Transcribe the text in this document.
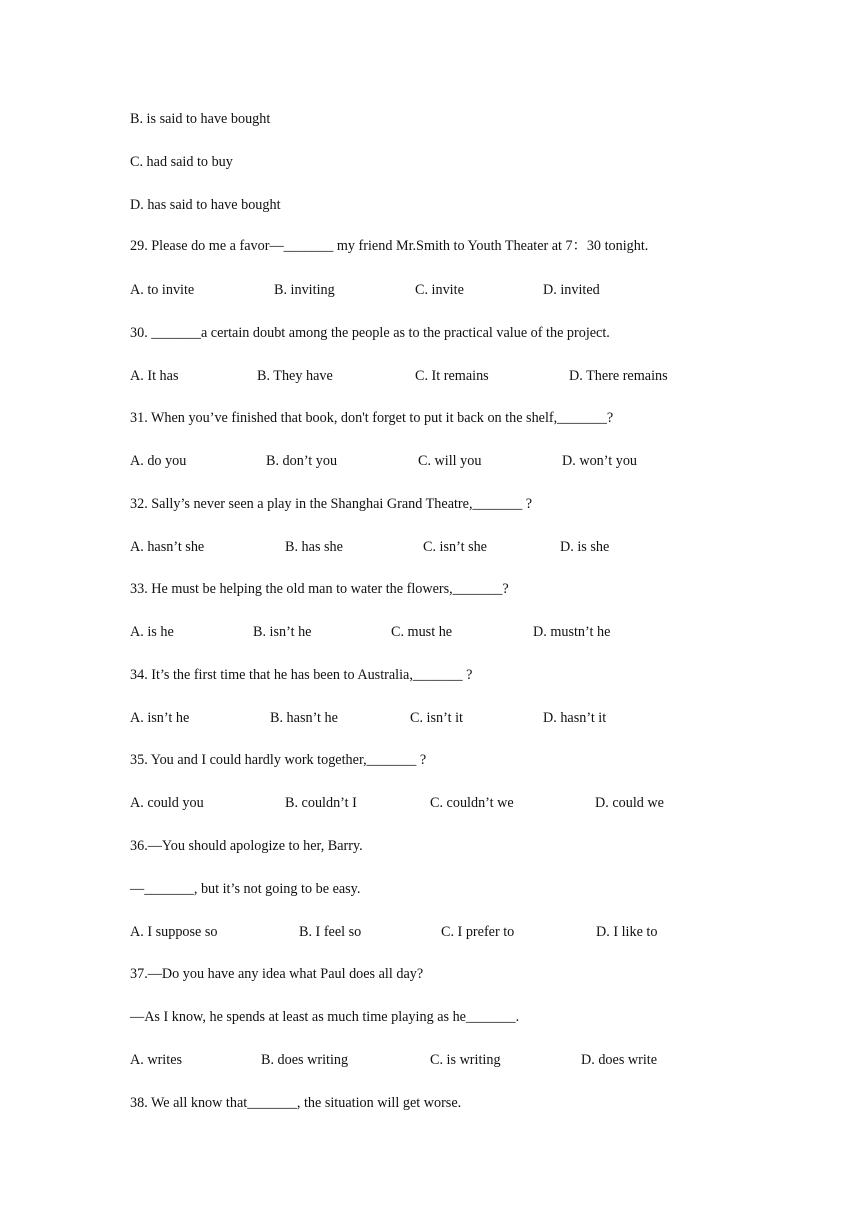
B. is said to have bought
C. had said to buy
D. has said to have bought
29. Please do me a favor—_______ my friend Mr.Smith to Youth Theater at 7：30 tonight.
A. to invite	B. inviting	C. invite	D. invited
30. _______a certain doubt among the people as to the practical value of the project.
A. It has	B. They have	C. It remains	D. There remains
31. When you’ve finished that book, don't forget to put it back on the shelf,_______?
A. do you	B. don’t you	C. will you	D. won’t you
32. Sally’s never seen a play in the Shanghai Grand Theatre,_______ ?
A. hasn’t she	B. has she	C. isn’t she	D. is she
33. He must be helping the old man to water the flowers,_______?
A. is he	B. isn’t he	C. must he	D. mustn’t he
34. It’s the first time that he has been to Australia,_______ ?
A. isn’t he	B. hasn’t he	C. isn’t it	D. hasn’t it
35. You and I could hardly work together,_______ ?
A. could you	B. couldn’t I	C. couldn’t we	D. could we
36.—You should apologize to her, Barry.
—_______, but it’s not going to be easy.
A. I suppose so	B. I feel so	C. I prefer to	D. I like to
37.—Do you have any idea what Paul does all day?
—As I know, he spends at least as much time playing as he_______.
A. writes	B. does writing	C. is writing	D. does write
38. We all know that_______, the situation will get worse.
